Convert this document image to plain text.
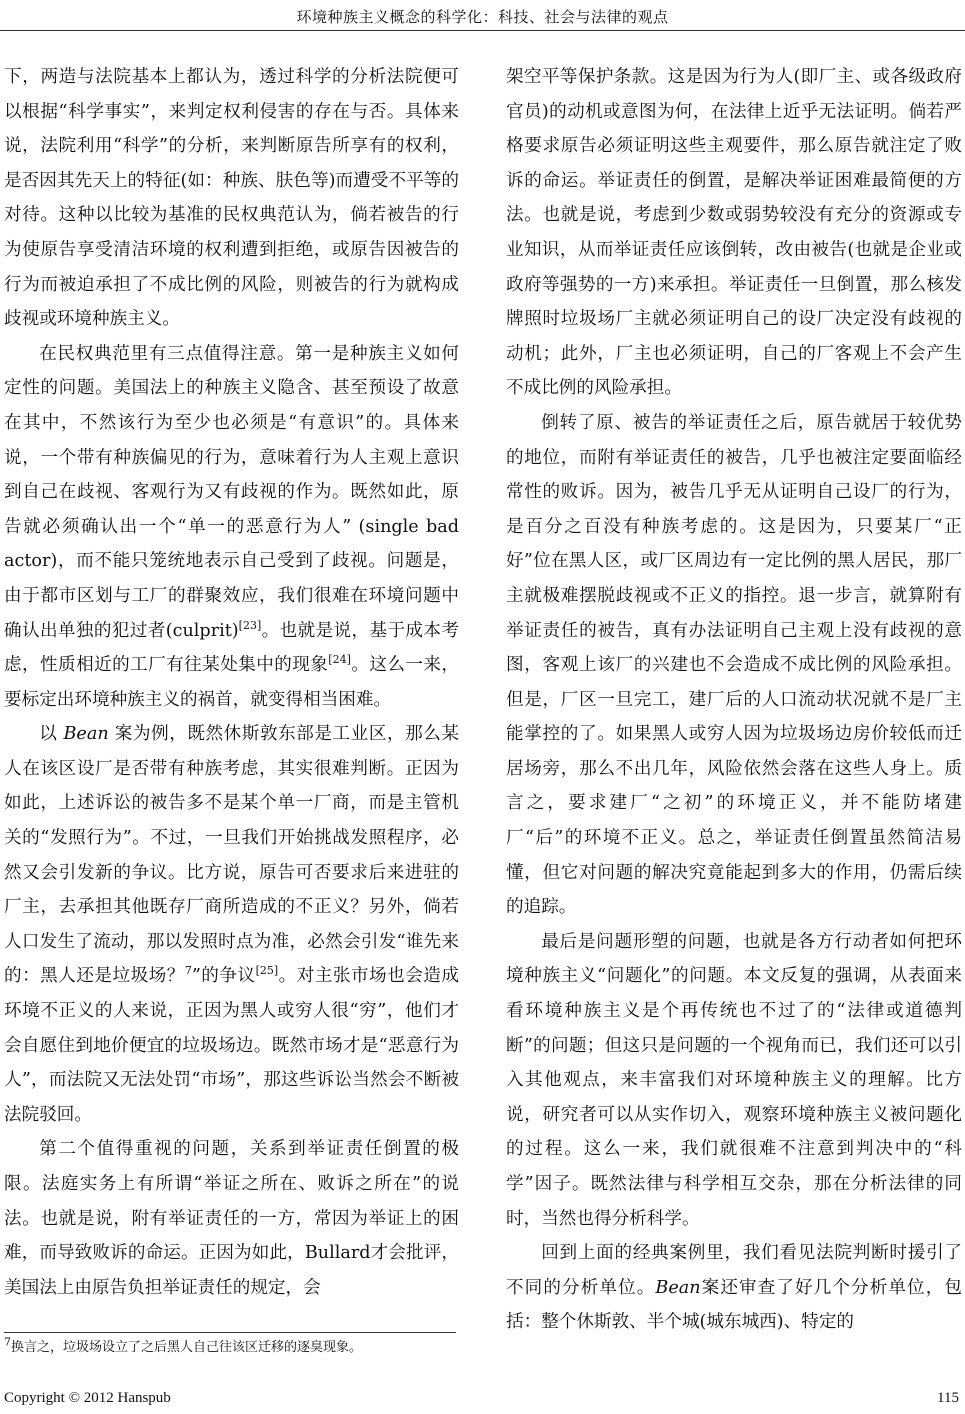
环境种族主义概念的科学化：科技、社会与法律的观点

下，两造与法院基本上都认为，透过科学的分析法院便可以根据“科学事实”，来判定权利侵害的存在与否。具体来说，法院利用“科学”的分析，来判断原告所享有的权利，是否因其先天上的特征(如：种族、肤色等)而遭受不平等的对待。这种以比较为基准的民权典范认为，倘若被告的行为使原告享受清洁环境的权利遭到拒绝，或原告因被告的行为而被迫承担了不成比例的风险，则被告的行为就构成歧视或环境种族主义。

在民权典范里有三点值得注意。第一是种族主义如何定性的问题。美国法上的种族主义隐含、甚至预设了故意在其中，不然该行为至少也必须是“有意识”的。具体来说，一个带有种族偏见的行为，意味着行为人主观上意识到自己在歧视、客观行为又有歧视的作为。既然如此，原告就必须确认出一个“单一的恶意行为人” (single bad actor)，而不能只笼统地表示自己受到了歧视。问题是，由于都市区划与工厂的群聚效应，我们很难在环境问题中确认出单独的犯过者(culprit)[23]。也就是说，基于成本考虑，性质相近的工厂有往某处集中的现象[24]。这么一来，要标定出环境种族主义的祸首，就变得相当困难。

以 Bean 案为例，既然休斯敦东部是工业区，那么某人在该区设厂是否带有种族考虑，其实很难判断。正因为如此，上述诉讼的被告多不是某个单一厂商，而是主管机关的“发照行为”。不过，一旦我们开始挑战发照程序，必然又会引发新的争议。比方说，原告可否要求后来进驻的厂主，去承担其他既存厂商所造成的不正义？另外，倘若人口发生了流动，那以发照时点为准，必然会引发“谁先来的：黑人还是垃圾场？$^7$”的争议[25]。对主张市场也会造成环境不正义的人来说，正因为黑人或穷人很“穷”，他们才会自愿住到地价便宜的垃圾场边。既然市场才是“恶意行为人”，而法院又无法处罚“市场”，那这些诉讼当然会不断被法院驳回。

第二个值得重视的问题，关系到举证责任倒置的极限。法庭实务上有所谓“举证之所在、败诉之所在”的说法。也就是说，附有举证责任的一方，常因为举证上的困难，而导致败诉的命运。正因为如此，Bullard才会批评，美国法上由原告负担举证责任的规定，会

架空平等保护条款。这是因为行为人(即厂主、或各级政府官员)的动机或意图为何，在法律上近乎无法证明。倘若严格要求原告必须证明这些主观要件，那么原告就注定了败诉的命运。举证责任的倒置，是解决举证困难最简便的方法。也就是说，考虑到少数或弱势较没有充分的资源或专业知识，从而举证责任应该倒转，改由被告(也就是企业或政府等强势的一方)来承担。举证责任一旦倒置，那么核发牌照时垃圾场厂主就必须证明自己的设厂决定没有歧视的动机；此外，厂主也必须证明，自己的厂客观上不会产生不成比例的风险承担。

倒转了原、被告的举证责任之后，原告就居于较优势的地位，而附有举证责任的被告，几乎也被注定要面临经常性的败诉。因为，被告几乎无从证明自己设厂的行为，是百分之百没有种族考虑的。这是因为，只要某厂“正好”位在黑人区，或厂区周边有一定比例的黑人居民，那厂主就极难摆脱歧视或不正义的指控。退一步言，就算附有举证责任的被告，真有办法证明自己主观上没有歧视的意图，客观上该厂的兴建也不会造成不成比例的风险承担。但是，厂区一旦完工，建厂后的人口流动状况就不是厂主能掌控的了。如果黑人或穷人因为垃圾场边房价较低而迁居场旁，那么不出几年，风险依然会落在这些人身上。质言之，要求建厂“之初”的环境正义，并不能防堵建厂“后”的环境不正义。总之，举证责任倒置虽然简洁易懂，但它对问题的解决究竟能起到多大的作用，仍需后续的追踪。

最后是问题形塑的问题，也就是各方行动者如何把环境种族主义“问题化”的问题。本文反复的强调，从表面来看环境种族主义是个再传统也不过了的“法律或道德判断”的问题；但这只是问题的一个视角而已，我们还可以引入其他观点，来丰富我们对环境种族主义的理解。比方说，研究者可以从实作切入，观察环境种族主义被问题化的过程。这么一来，我们就很难不注意到判决中的“科学”因子。既然法律与科学相互交杂，那在分析法律的同时，当然也得分析科学。

回到上面的经典案例里，我们看见法院判断时援引了不同的分析单位。Bean案还审查了好几个分析单位，包括：整个休斯敦、半个城(城东城西)、特定的

$^7$换言之，垃圾场设立了之后黑人自己往该区迁移的逐臭现象。
Copyright © 2012 Hanspub	115
